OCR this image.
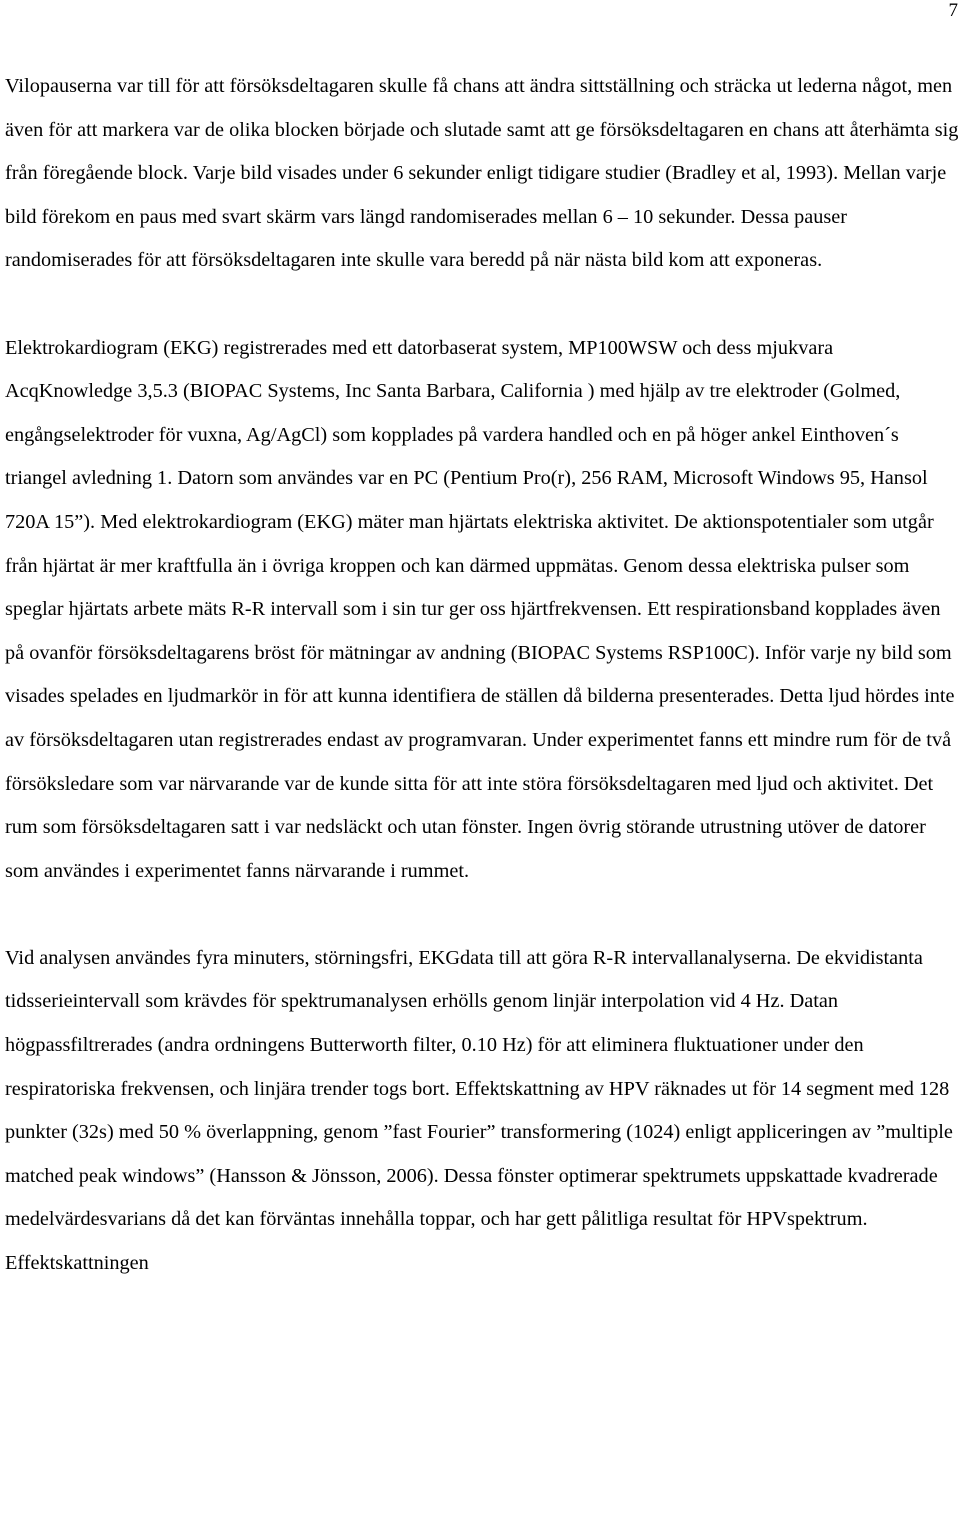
7

Vilopauserna var till för att försöksdeltagaren skulle få chans att ändra sittställning och sträcka ut lederna något, men även för att markera var de olika blocken började och slutade samt att ge försöksdeltagaren en chans att återhämta sig från föregående block. Varje bild visades under 6 sekunder enligt tidigare studier (Bradley et al, 1993). Mellan varje bild förekom en paus med svart skärm vars längd randomiserades mellan 6 – 10 sekunder. Dessa pauser randomiserades för att försöksdeltagaren inte skulle vara beredd på när nästa bild kom att exponeras.

Elektrokardiogram (EKG) registrerades med ett datorbaserat system, MP100WSW och dess mjukvara AcqKnowledge 3,5.3 (BIOPAC Systems, Inc Santa Barbara, California ) med hjälp av tre elektroder (Golmed, engångselektroder för vuxna, Ag/AgCl) som kopplades på vardera handled och en på höger ankel Einthoven´s triangel avledning 1. Datorn som användes var en PC (Pentium Pro(r), 256 RAM, Microsoft Windows 95, Hansol 720A 15”). Med elektrokardiogram (EKG) mäter man hjärtats elektriska aktivitet. De aktionspotentialer som utgår från hjärtat är mer kraftfulla än i övriga kroppen och kan därmed uppmätas. Genom dessa elektriska pulser som speglar hjärtats arbete mäts R-R intervall som i sin tur ger oss hjärtfrekvensen. Ett respirationsband kopplades även på ovanför försöksdeltagarens bröst för mätningar av andning (BIOPAC Systems RSP100C). Inför varje ny bild som visades spelades en ljudmarkör in för att kunna identifiera de ställen då bilderna presenterades. Detta ljud hördes inte av försöksdeltagaren utan registrerades endast av programvaran. Under experimentet fanns ett mindre rum för de två försöksledare som var närvarande var de kunde sitta för att inte störa försöksdeltagaren med ljud och aktivitet. Det rum som försöksdeltagaren satt i var nedsläckt och utan fönster. Ingen övrig störande utrustning utöver de datorer som användes i experimentet fanns närvarande i rummet.

Vid analysen användes fyra minuters, störningsfri, EKGdata till att göra R-R intervallanalyserna. De ekvidistanta tidsserieintervall som krävdes för spektrumanalysen erhölls genom linjär interpolation vid 4 Hz. Datan högpassfiltrerades (andra ordningens Butterworth filter, 0.10 Hz) för att eliminera fluktuationer under den respiratoriska frekvensen, och linjära trender togs bort. Effektskattning av HPV räknades ut för 14 segment med 128 punkter (32s) med 50 % överlappning, genom ”fast Fourier” transformering (1024) enligt appliceringen av ”multiple matched peak windows” (Hansson & Jönsson, 2006). Dessa fönster optimerar spektrumets uppskattade kvadrerade medelvärdesvarians då det kan förväntas innehålla toppar, och har gett pålitliga resultat för HPVspektrum. Effektskattningen
